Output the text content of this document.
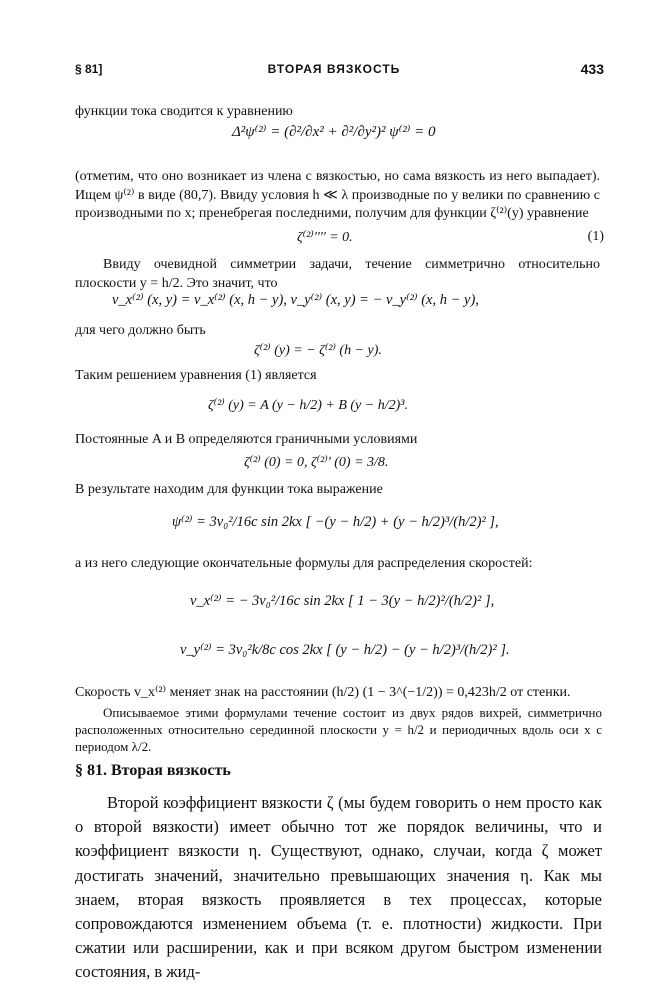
§ 81]	ВТОРАЯ ВЯЗКОСТЬ	433
функции тока сводится к уравнению
Δ²ψ⁽²⁾ = (∂²/∂x² + ∂²/∂y²)² ψ⁽²⁾ = 0
(отметим, что оно возникает из члена с вязкостью, но сама вязкость из него выпадает). Ищем ψ⁽²⁾ в виде (80,7). Ввиду условия h ≪ λ производные по y велики по сравнению с производными по x; пренебрегая последними, получим для функции ζ⁽²⁾(y) уравнение
ζ⁽²⁾'''' = 0.	(1)
Ввиду очевидной симметрии задачи, течение симметрично относительно плоскости y = h/2. Это значит, что
v_x⁽²⁾ (x, y) = v_x⁽²⁾ (x, h − y), v_y⁽²⁾ (x, y) = − v_y⁽²⁾ (x, h − y),
для чего должно быть
ζ⁽²⁾ (y) = − ζ⁽²⁾ (h − y).
Таким решением уравнения (1) является
ζ⁽²⁾ (y) = A (y − h/2) + B (y − h/2)³.
Постоянные A и B определяются граничными условиями
ζ⁽²⁾ (0) = 0, ζ⁽²⁾' (0) = 3/8.
В результате находим для функции тока выражение
ψ⁽²⁾ = 3v₀²/16c sin 2kx [ −(y − h/2) + (y − h/2)³/(h/2)² ],
а из него следующие окончательные формулы для распределения скоростей:
v_x⁽²⁾ = − 3v₀²/16c sin 2kx [ 1 − 3(y − h/2)²/(h/2)² ],
v_y⁽²⁾ = 3v₀²k/8c cos 2kx [ (y − h/2) − (y − h/2)³/(h/2)² ].
Скорость v_x⁽²⁾ меняет знак на расстоянии (h/2) (1 − 3^(−1/2)) = 0,423h/2 от стенки.
Описываемое этими формулами течение состоит из двух рядов вихрей, симметрично расположенных относительно серединной плоскости y = h/2 и периодичных вдоль оси x с периодом λ/2.
§ 81. Вторая вязкость
Второй коэффициент вязкости ζ (мы будем говорить о нем просто как о второй вязкости) имеет обычно тот же порядок величины, что и коэффициент вязкости η. Существуют, однако, случаи, когда ζ может достигать значений, значительно превышающих значения η. Как мы знаем, вторая вязкость проявляется в тех процессах, которые сопровождаются изменением объема (т. е. плотности) жидкости. При сжатии или расширении, как и при всяком другом быстром изменении состояния, в жид-
